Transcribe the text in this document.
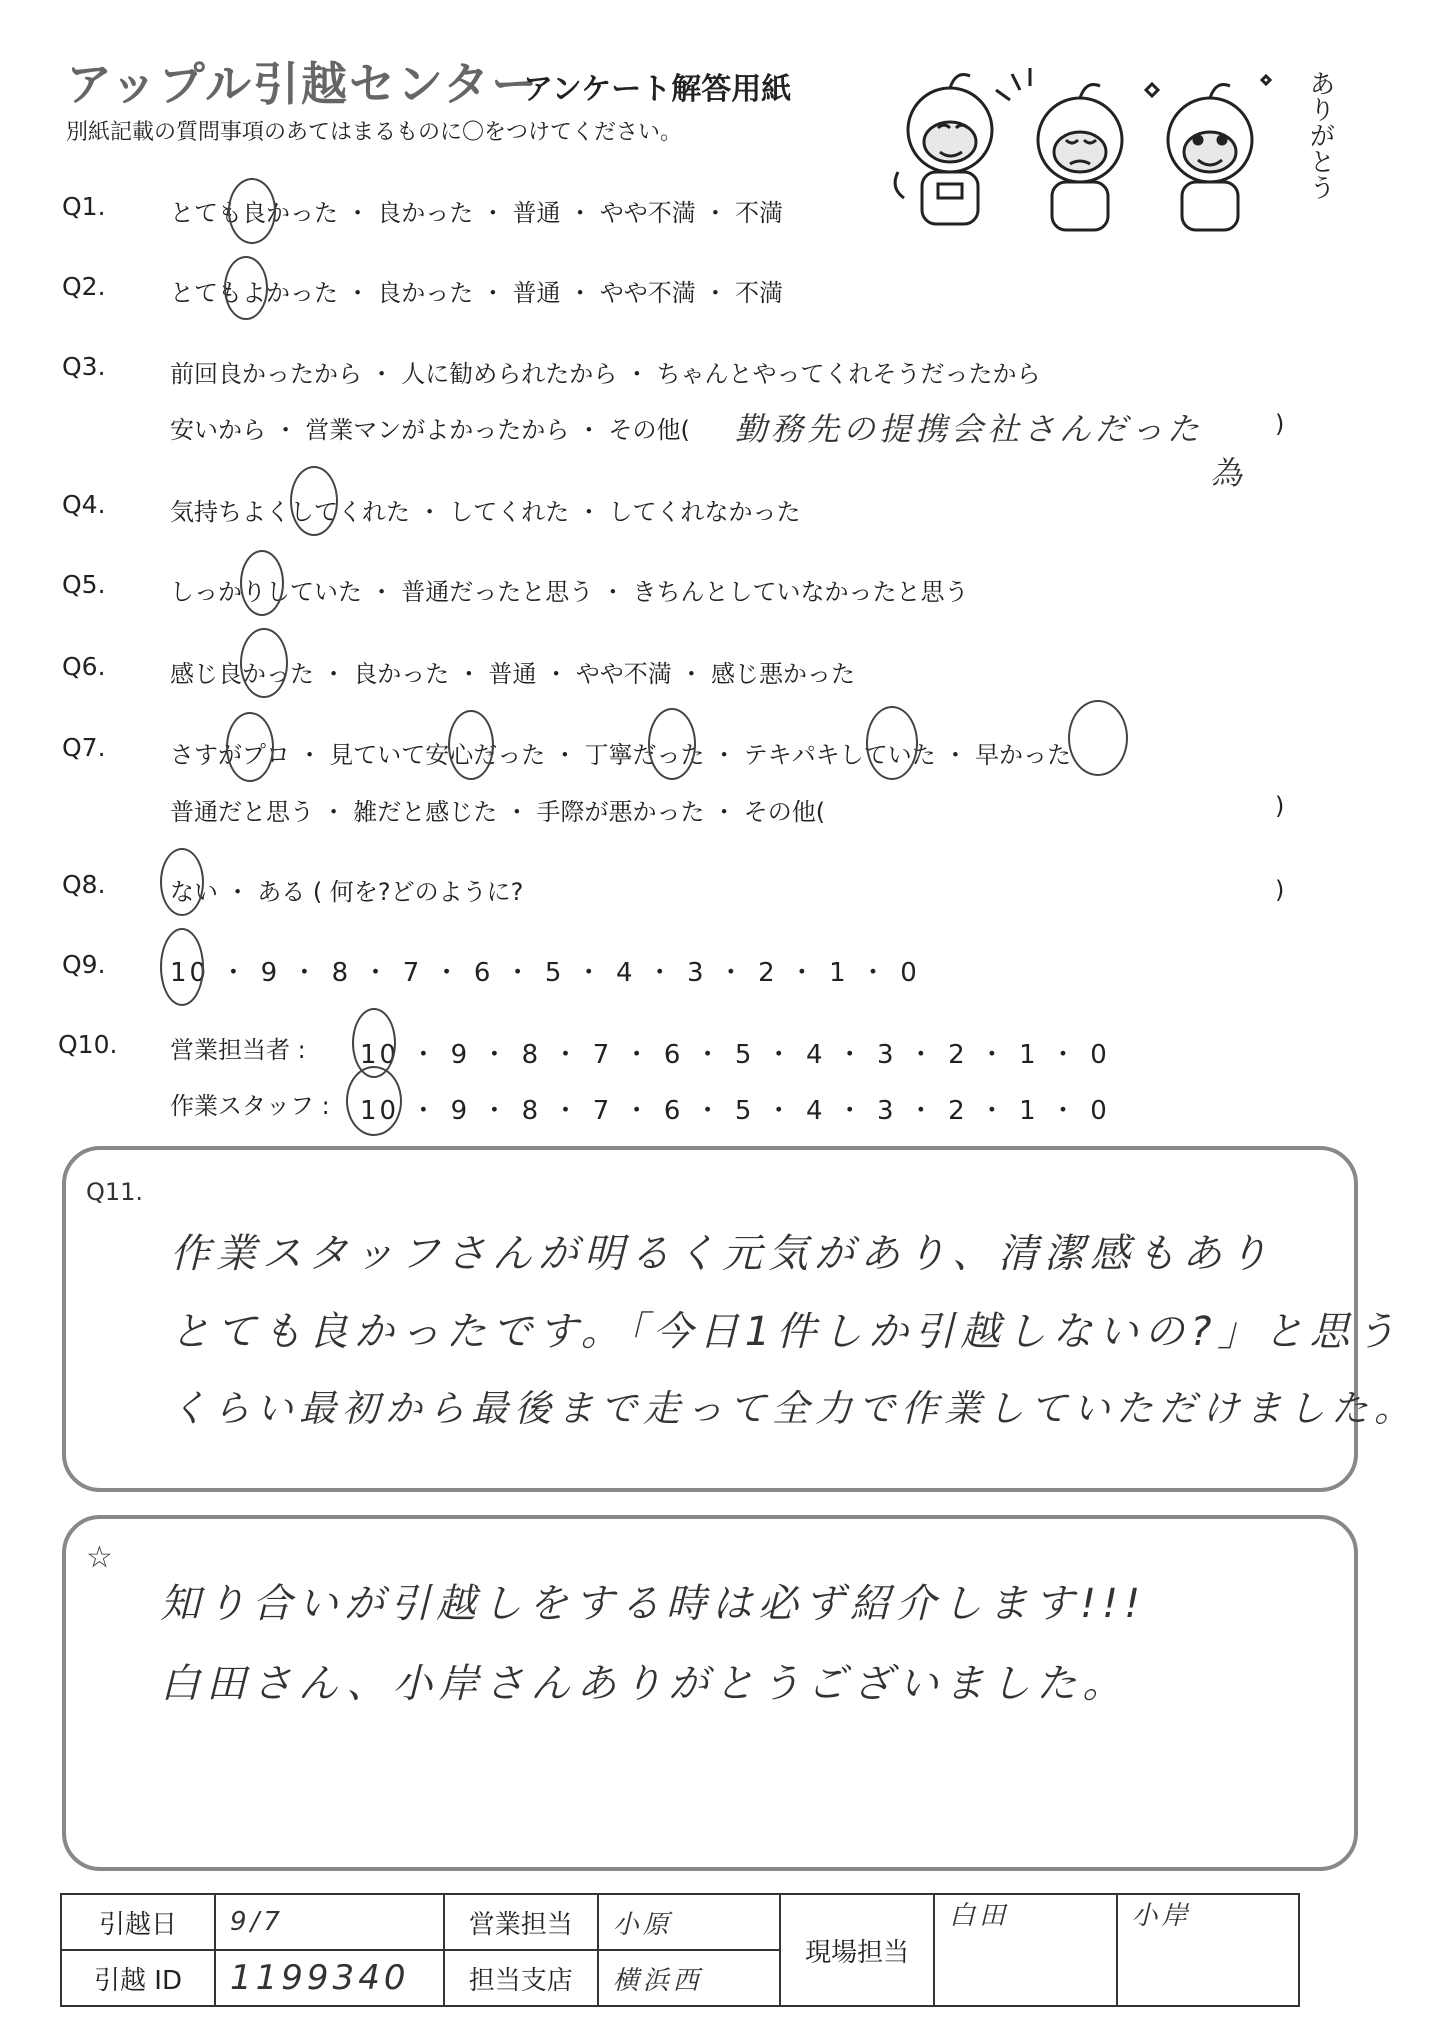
アップル引越センター
アンケート解答用紙
別紙記載の質問事項のあてはまるものに〇をつけてください。	ありがとう
Q1.	とても良かった ・ 良かった ・ 普通 ・ やや不満 ・ 不満
Q2.	とてもよかった ・ 良かった ・ 普通 ・ やや不満 ・ 不満
Q3.	前回良かったから ・ 人に勧められたから ・ ちゃんとやってくれそうだったから
安いから ・ 営業マンがよかったから ・ その他( 勤務先の提携会社さんだった	)
為
Q4.	気持ちよくしてくれた ・ してくれた ・ してくれなかった
Q5.	しっかりしていた ・ 普通だったと思う ・ きちんとしていなかったと思う
Q6.	感じ良かった ・ 良かった ・ 普通 ・ やや不満 ・ 感じ悪かった
Q7.	さすがプロ ・ 見ていて安心だった ・ 丁寧だった ・ テキパキしていた ・ 早かった
普通だと思う ・ 雑だと感じた ・ 手際が悪かった ・ その他(	)
Q8.	ない ・ ある ( 何を?どのように?	)
Q9. 10 ・ 9 ・ 8 ・ 7 ・ 6 ・ 5 ・ 4 ・ 3 ・ 2 ・ 1 ・ 0
Q10. 営業担当者 : 10 ・ 9 ・ 8 ・ 7 ・ 6 ・ 5 ・ 4 ・ 3 ・ 2 ・ 1 ・ 0
作業スタッフ : 10 ・ 9 ・ 8 ・ 7 ・ 6 ・ 5 ・ 4 ・ 3 ・ 2 ・ 1 ・ 0
Q11.
作業スタッフさんが明るく元気があり、清潔感もあり
とても良かったです。「今日1件しか引越しないの?」と思う
くらい最初から最後まで走って全力で作業していただけました。
☆
知り合いが引越しをする時は必ず紹介します!!!
白田さん、小岸さんありがとうございました。
引越日	9/7	営業担当	小原	現場担当	白田	小岸
引越 ID	1199340	担当支店	横浜西			
